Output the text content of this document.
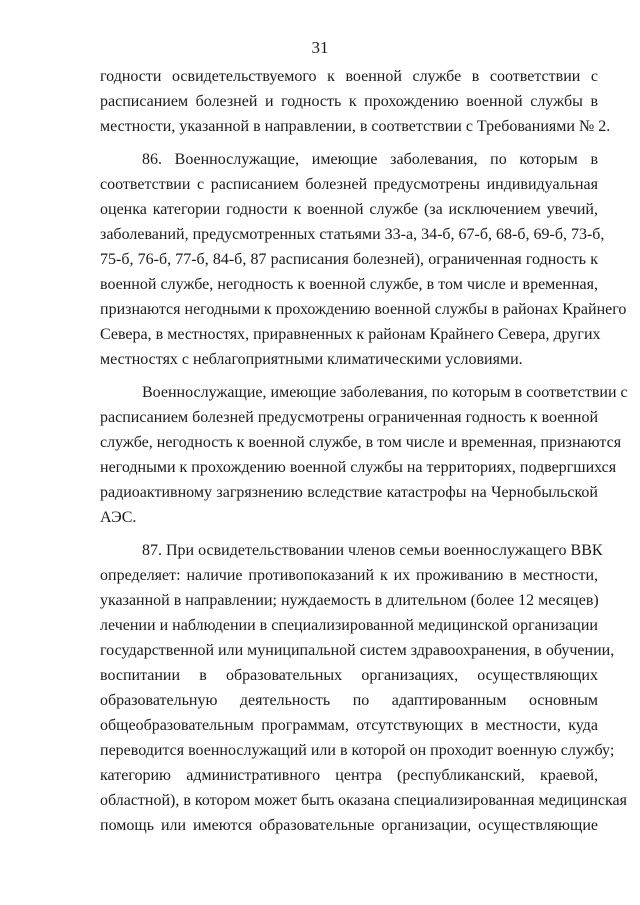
31
годности освидетельствуемого к военной службе в соответствии с
расписанием болезней и годность к прохождению военной службы в
местности, указанной в направлении, в соответствии с Требованиями № 2.
86. Военнослужащие, имеющие заболевания, по которым в
соответствии с расписанием болезней предусмотрены индивидуальная
оценка категории годности к военной службе (за исключением увечий,
заболеваний, предусмотренных статьями 33-а, 34-б, 67-б, 68-б, 69-б, 73-б,
75-б, 76-б, 77-б, 84-б, 87 расписания болезней), ограниченная годность к
военной службе, негодность к военной службе, в том числе и временная,
признаются негодными к прохождению военной службы в районах Крайнего
Севера, в местностях, приравненных к районам Крайнего Севера, других
местностях с неблагоприятными климатическими условиями.
Военнослужащие, имеющие заболевания, по которым в соответствии с
расписанием болезней предусмотрены ограниченная годность к военной
службе, негодность к военной службе, в том числе и временная, признаются
негодными к прохождению военной службы на территориях, подвергшихся
радиоактивному загрязнению вследствие катастрофы на Чернобыльской
АЭС.
87. При освидетельствовании членов семьи военнослужащего ВВК
определяет: наличие противопоказаний к их проживанию в местности,
указанной в направлении; нуждаемость в длительном (более 12 месяцев)
лечении и наблюдении в специализированной медицинской организации
государственной или муниципальной систем здравоохранения, в обучении,
воспитании в образовательных организациях, осуществляющих
образовательную деятельность по адаптированным основным
общеобразовательным программам, отсутствующих в местности, куда
переводится военнослужащий или в которой он проходит военную службу;
категорию административного центра (республиканский, краевой,
областной), в котором может быть оказана специализированная медицинская
помощь или имеются образовательные организации, осуществляющие
